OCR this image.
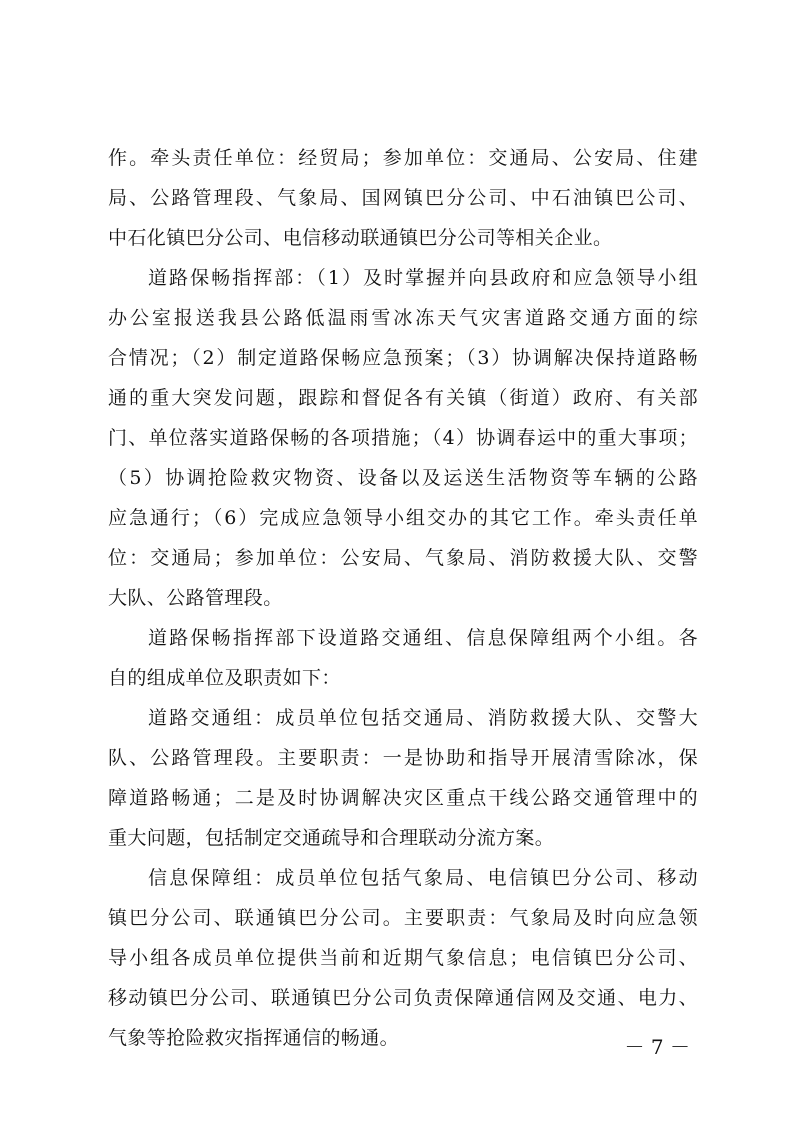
作。牵头责任单位：经贸局；参加单位：交通局、公安局、住建
局、公路管理段、气象局、国网镇巴分公司、中石油镇巴公司、
中石化镇巴分公司、电信移动联通镇巴分公司等相关企业。
道路保畅指挥部：（1）及时掌握并向县政府和应急领导小组
办公室报送我县公路低温雨雪冰冻天气灾害道路交通方面的综
合情况；（2）制定道路保畅应急预案；（3）协调解决保持道路畅
通的重大突发问题，跟踪和督促各有关镇（街道）政府、有关部
门、单位落实道路保畅的各项措施；（4）协调春运中的重大事项；
（5）协调抢险救灾物资、设备以及运送生活物资等车辆的公路
应急通行；（6）完成应急领导小组交办的其它工作。牵头责任单
位：交通局；参加单位：公安局、气象局、消防救援大队、交警
大队、公路管理段。
道路保畅指挥部下设道路交通组、信息保障组两个小组。各
自的组成单位及职责如下：
道路交通组：成员单位包括交通局、消防救援大队、交警大
队、公路管理段。主要职责：一是协助和指导开展清雪除冰，保
障道路畅通；二是及时协调解决灾区重点干线公路交通管理中的
重大问题，包括制定交通疏导和合理联动分流方案。
信息保障组：成员单位包括气象局、电信镇巴分公司、移动
镇巴分公司、联通镇巴分公司。主要职责：气象局及时向应急领
导小组各成员单位提供当前和近期气象信息；电信镇巴分公司、
移动镇巴分公司、联通镇巴分公司负责保障通信网及交通、电力、
气象等抢险救灾指挥通信的畅通。	－ 7 －
